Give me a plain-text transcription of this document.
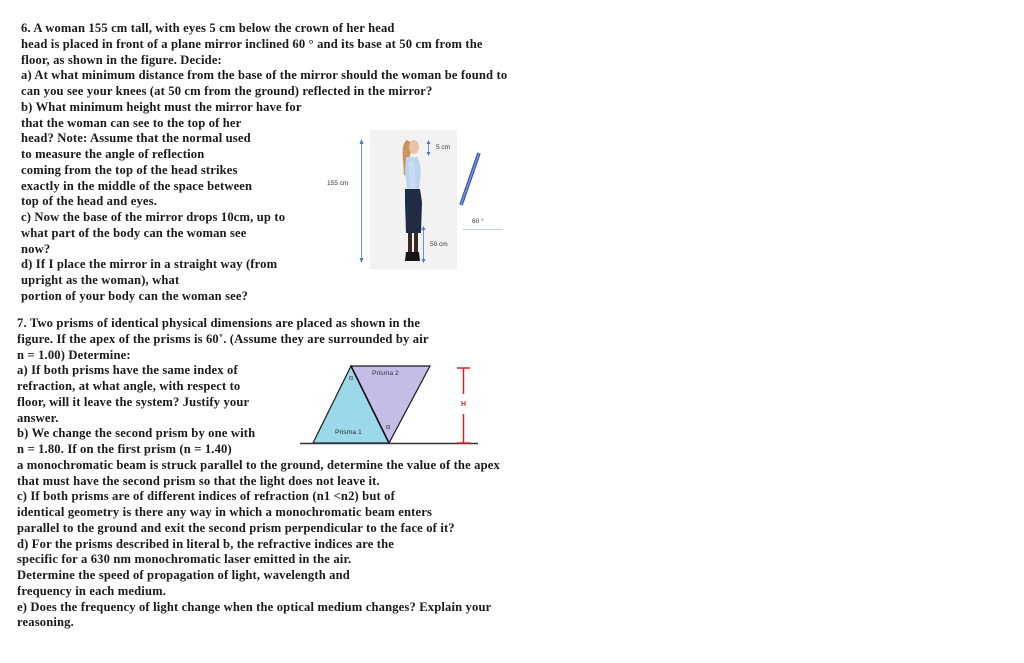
6. A woman 155 cm tall, with eyes 5 cm below the crown of her head
head is placed in front of a plane mirror inclined 60 ° and its base at 50 cm from the
floor, as shown in the figure. Decide:
a) At what minimum distance from the base of the mirror should the woman be found to
can you see your knees (at 50 cm from the ground) reflected in the mirror?
b) What minimum height must the mirror have for
that the woman can see to the top of her
head? Note: Assume that the normal used
to measure the angle of reflection
coming from the top of the head strikes
exactly in the middle of the space between
top of the head and eyes.
c) Now the base of the mirror drops 10cm, up to
what part of the body can the woman see
now?
d) If I place the mirror in a straight way (from
upright as the woman), what
portion of your body can the woman see?
155 cm
5 cm
50 cm
60 °
7. Two prisms of identical physical dimensions are placed as shown in the
figure. If the apex of the prisms is 60˚. (Assume they are surrounded by air
n = 1.00) Determine:
a) If both prisms have the same index of
refraction, at what angle, with respect to
floor, will it leave the system? Justify your
answer.
b) We change the second prism by one with
n = 1.80. If on the first prism (n = 1.40)
a monochromatic beam is struck parallel to the ground, determine the value of the apex
that must have the second prism so that the light does not leave it.
c) If both prisms are of different indices of refraction (n1 <n2) but of
identical geometry is there any way in which a monochromatic beam enters
parallel to the ground and exit the second prism perpendicular to the face of it?
d) For the prisms described in literal b, the refractive indices are the
specific for a 630 nm monochromatic laser emitted in the air.
Determine the speed of propagation of light, wavelength and
frequency in each medium.
e) Does the frequency of light change when the optical medium changes? Explain your
reasoning.
Prisma 2
Prisma 1
α
α
H
